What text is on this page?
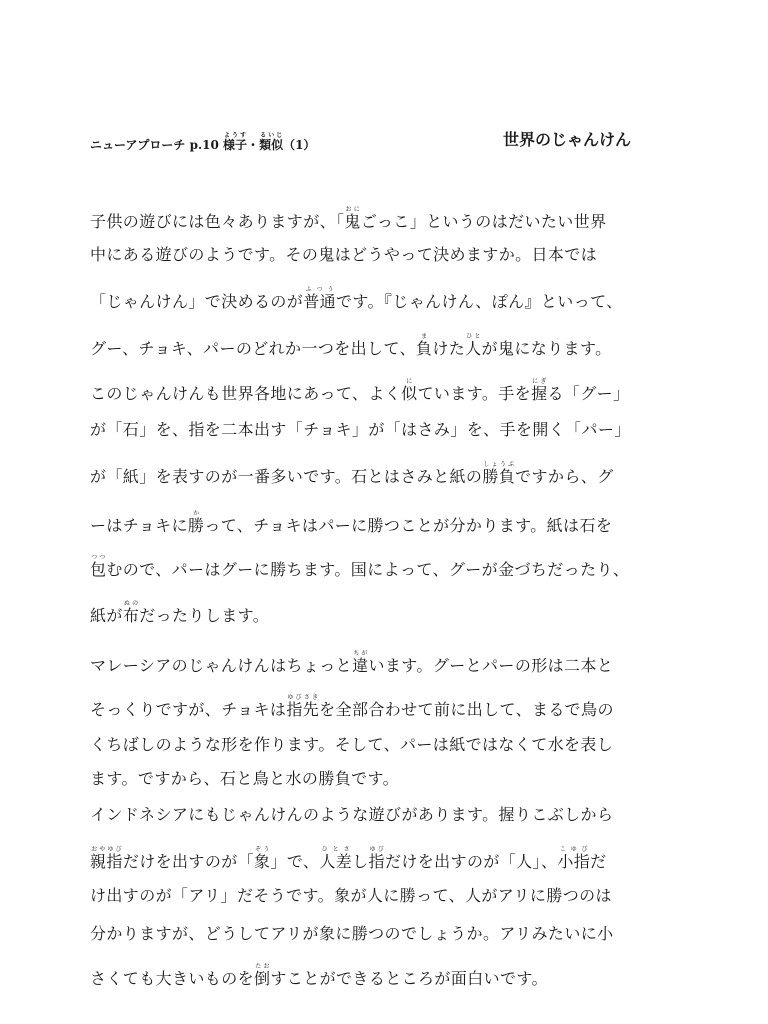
ニューアプローチ p.10 様子ようす・類似るいじ（1）	世界のじゃんけん
子供の遊びには色々ありますが、「鬼おにごっこ」というのはだいたい世界
中にある遊びのようです。その鬼はどうやって決めますか。日本では
「じゃんけん」で決めるのが普通ふつうです。『じゃんけん、ぽん』といって、
グー、チョキ、パーのどれか一つを出して、負まけた人ひとが鬼になります。
このじゃんけんも世界各地にあって、よく似にています。手を握にぎる「グー」
が「石」を、指を二本出す「チョキ」が「はさみ」を、手を開く「パー」
が「紙」を表すのが一番多いです。石とはさみと紙の勝負しょうぶですから、グ
ーはチョキに勝かって、チョキはパーに勝つことが分かります。紙は石を
包つつむので、パーはグーに勝ちます。国によって、グーが金づちだったり、
紙が布ぬのだったりします。
マレーシアのじゃんけんはちょっと違ちがいます。グーとパーの形は二本と
そっくりですが、チョキは指先ゆびさきを全部合わせて前に出して、まるで鳥の
くちばしのような形を作ります。そして、パーは紙ではなくて水を表し
ます。ですから、石と鳥と水の勝負です。
インドネシアにもじゃんけんのような遊びがあります。握りこぶしから
親指おやゆびだけを出すのが「象ぞう」で、人差ひとさし指ゆびだけを出すのが「人」、小指こゆびだ
け出すのが「アリ」だそうです。象が人に勝って、人がアリに勝つのは
分かりますが、どうしてアリが象に勝つのでしょうか。アリみたいに小
さくても大きいものを倒たおすことができるところが面白いです。
